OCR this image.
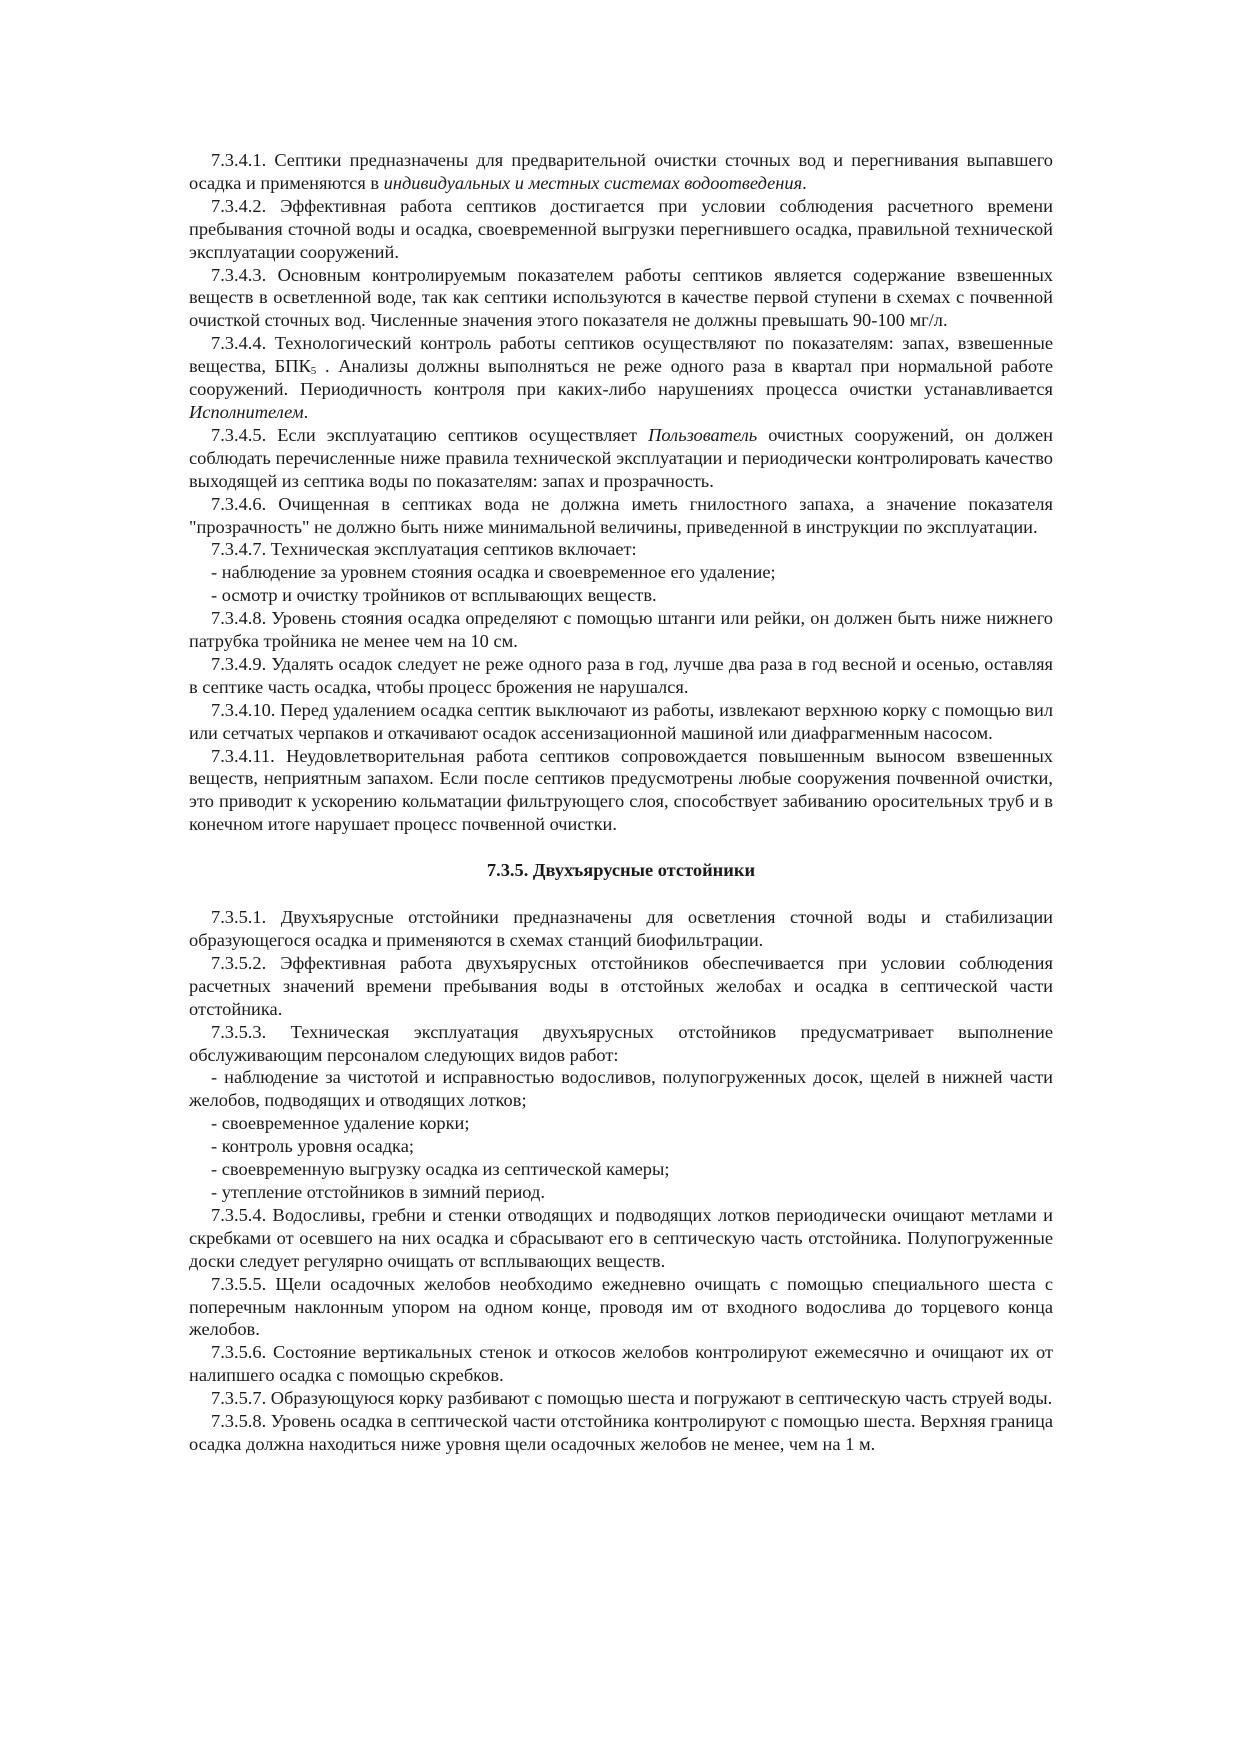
7.3.4.1. Септики предназначены для предварительной очистки сточных вод и перегнивания выпавшего осадка и применяются в индивидуальных и местных системах водоотведения.

7.3.4.2. Эффективная работа септиков достигается при условии соблюдения расчетного времени пребывания сточной воды и осадка, своевременной выгрузки перегнившего осадка, правильной технической эксплуатации сооружений.

7.3.4.3. Основным контролируемым показателем работы септиков является содержание взвешенных веществ в осветленной воде, так как септики используются в качестве первой ступени в схемах с почвенной очисткой сточных вод. Численные значения этого показателя не должны превышать 90-100 мг/л.

7.3.4.4. Технологический контроль работы септиков осуществляют по показателям: запах, взвешенные вещества, $БПК_5$ . Анализы должны выполняться не реже одного раза в квартал при нормальной работе сооружений. Периодичность контроля при каких-либо нарушениях процесса очистки устанавливается Исполнителем.

7.3.4.5. Если эксплуатацию септиков осуществляет Пользователь очистных сооружений, он должен соблюдать перечисленные ниже правила технической эксплуатации и периодически контролировать качество выходящей из септика воды по показателям: запах и прозрачность.

7.3.4.6. Очищенная в септиках вода не должна иметь гнилостного запаха, а значение показателя "прозрачность" не должно быть ниже минимальной величины, приведенной в инструкции по эксплуатации.

7.3.4.7. Техническая эксплуатация септиков включает:

- наблюдение за уровнем стояния осадка и своевременное его удаление;

- осмотр и очистку тройников от всплывающих веществ.

7.3.4.8. Уровень стояния осадка определяют с помощью штанги или рейки, он должен быть ниже нижнего патрубка тройника не менее чем на 10 см.

7.3.4.9. Удалять осадок следует не реже одного раза в год, лучше два раза в год весной и осенью, оставляя в септике часть осадка, чтобы процесс брожения не нарушался.

7.3.4.10. Перед удалением осадка септик выключают из работы, извлекают верхнюю корку с помощью вил или сетчатых черпаков и откачивают осадок ассенизационной машиной или диафрагменным насосом.

7.3.4.11. Неудовлетворительная работа септиков сопровождается повышенным выносом взвешенных веществ, неприятным запахом. Если после септиков предусмотрены любые сооружения почвенной очистки, это приводит к ускорению кольматации фильтрующего слоя, способствует забиванию оросительных труб и в конечном итоге нарушает процесс почвенной очистки.

7.3.5. Двухъярусные отстойники

7.3.5.1. Двухъярусные отстойники предназначены для осветления сточной воды и стабилизации образующегося осадка и применяются в схемах станций биофильтрации.

7.3.5.2. Эффективная работа двухъярусных отстойников обеспечивается при условии соблюдения расчетных значений времени пребывания воды в отстойных желобах и осадка в септической части отстойника.

7.3.5.3. Техническая эксплуатация двухъярусных отстойников предусматривает выполнение обслуживающим персоналом следующих видов работ:

- наблюдение за чистотой и исправностью водосливов, полупогруженных досок, щелей в нижней части желобов, подводящих и отводящих лотков;

- своевременное удаление корки;

- контроль уровня осадка;

- своевременную выгрузку осадка из септической камеры;

- утепление отстойников в зимний период.

7.3.5.4. Водосливы, гребни и стенки отводящих и подводящих лотков периодически очищают метлами и скребками от осевшего на них осадка и сбрасывают его в септическую часть отстойника. Полупогруженные доски следует регулярно очищать от всплывающих веществ.

7.3.5.5. Щели осадочных желобов необходимо ежедневно очищать с помощью специального шеста с поперечным наклонным упором на одном конце, проводя им от входного водослива до торцевого конца желобов.

7.3.5.6. Состояние вертикальных стенок и откосов желобов контролируют ежемесячно и очищают их от налипшего осадка с помощью скребков.

7.3.5.7. Образующуюся корку разбивают с помощью шеста и погружают в септическую часть струей воды.

7.3.5.8. Уровень осадка в септической части отстойника контролируют с помощью шеста. Верхняя граница осадка должна находиться ниже уровня щели осадочных желобов не менее, чем на 1 м.
